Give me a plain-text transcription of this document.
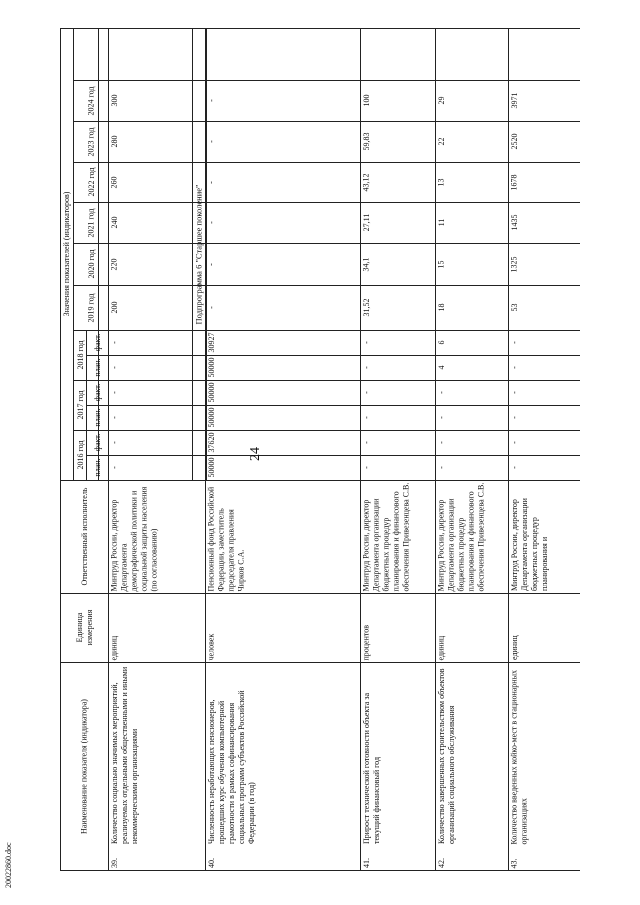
Наименование показателя (индикатора)
Единица измерения
Ответственный исполнитель
Значения показателей (индикаторов)
2016 год
2017 год
2018 год
план.
факт.
план.
факт.
план.
факт.
2019 год
2020 год
2021 год
2022 год
2023 год
2024 год
Подпрограмма 6 "Старшее поколение"
39.
Количество социально значимых мероприятий, реализуемых отдельными общественными и иными некоммерческими организациями
единиц
Минтруд России, директор Департамента демографической политики и социальной защиты населения (по согласованию)
-
-
-
-
-
-
200
220
240
260
280
300
40.
Численность неработающих пенсионеров, прошедших курс обучения компьютерной грамотности в рамках софинансирования социальных программ субъектов Российской Федерации (в год)
человек
Пенсионный фонд Российской Федерации, заместитель председателя правления Чирков С.А.
50000
37620
50000
50000
50000
30927
-
-
-
-
-
-
41.
Прирост технической готовности объекта за текущий финансовый год
процентов
Минтруд России, директор Департамента организации бюджетных процедур планирования и финансового обеспечения Привезенцева С.В.
-
-
-
-
-
-
31,52
34,1
27,11
43,12
59,83
100
42.
Количество завершенных строительством объектов организаций социального обслуживания
единиц
Минтруд России, директор Департамента организации бюджетных процедур планирования и финансового обеспечения Привезенцева С.В.
-
-
-
-
4
6
18
15
11
13
22
29
43.
Количество введенных койко-мест в стационарных организациях
единиц
Минтруд России, директор Департамента организации бюджетных процедур планирования и
-
-
-
-
-
-
53
1325
1435
1678
2520
3971
24
20022860.doc
